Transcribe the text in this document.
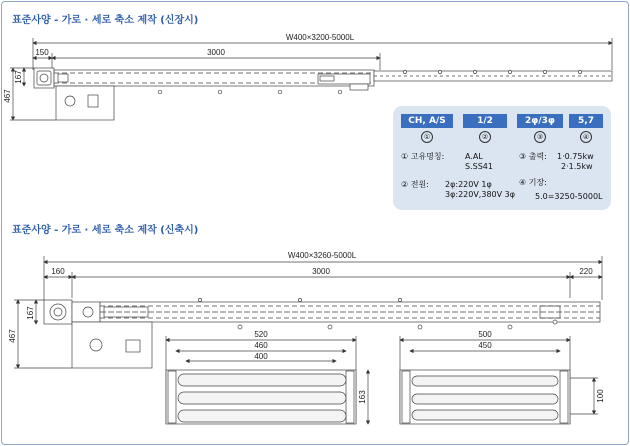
표준사양 - 가로 · 세로 축소 제작 (신장시)
W400×3200-5000L
150	3000
467
167
W400×3260-5000L
160	3000	220
467
167
520
460
400
163
500
450
100
CH, A/S	1/2	2φ/3φ	5,7
①	②	③	④
① 고유명칭:	A.AL
S.SS41
③ 출력: 1·0.75kw
2·1.5kw
② 전원: 2φ:220V 1φ
3φ:220V,380V 3φ
④ 기장:
5.0=3250-5000L
표준사양 - 가로 · 세로 축소 제작 (신축시)
